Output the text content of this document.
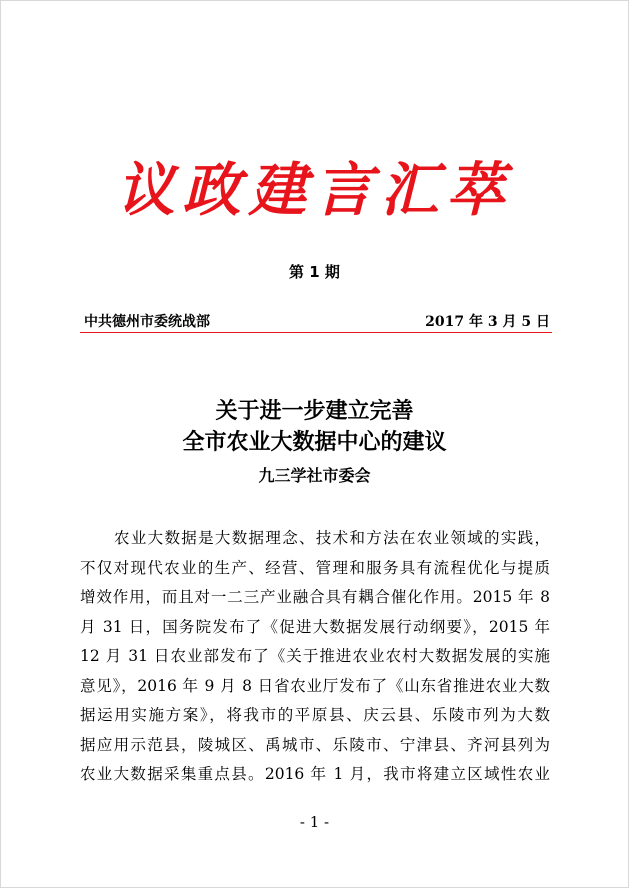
议政建言汇萃
第 1 期
中共德州市委统战部	2017 年 3 月 5 日
关于进一步建立完善
全市农业大数据中心的建议
九三学社市委会
农业大数据是大数据理念、技术和方法在农业领域的实践，
不仅对现代农业的生产、经营、管理和服务具有流程优化与提质
增效作用，而且对一二三产业融合具有耦合催化作用。2015 年 8
月 31 日，国务院发布了《促进大数据发展行动纲要》，2015 年
12 月 31 日农业部发布了《关于推进农业农村大数据发展的实施
意见》，2016 年 9 月 8 日省农业厅发布了《山东省推进农业大数
据运用实施方案》，将我市的平原县、庆云县、乐陵市列为大数
据应用示范县，陵城区、禹城市、乐陵市、宁津县、齐河县列为
农业大数据采集重点县。2016 年 1 月，我市将建立区域性农业
- 1 -
